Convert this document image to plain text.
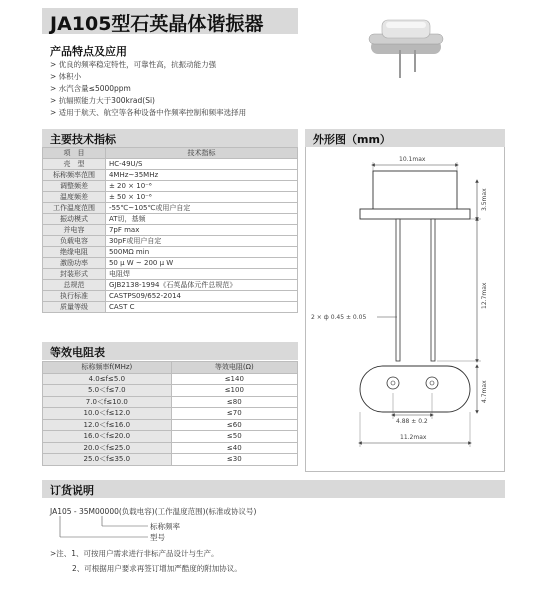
JA105型石英晶体谐振器
产品特点及应用
> 优良的频率稳定特性，可靠性高，抗振动能力强
> 体积小
> 水汽含量≤5000ppm
> 抗辐照能力大于300krad(Si)
> 适用于航天、航空等各种设备中作频率控制和频率选择用
主要技术指标
项　目	技术指标
壳　型	HC-49U/S
标称频率范围	4MHz~35MHz
调整频差	± 20 × 10⁻⁶
温度频差	± 50 × 10⁻⁶
工作温度范围	-55℃~105℃或用户自定
振动模式	AT切，基频
并电容	7pF max
负载电容	30pF或用户自定
绝缘电阻	500MΩ min
激励功率	50 μ W ~ 200 μ W
封装形式	电阻焊
总规范	GJB2138-1994《石英晶体元件总规范》
执行标准	CASTPS09/652-2014
质量等级	CAST C
等效电阻表
标称频率f(MHz)	等效电阻(Ω)
4.0≤f≤5.0	≤140
5.0＜f≤7.0	≤100
7.0＜f≤10.0	≤80
10.0＜f≤12.0	≤70
12.0＜f≤16.0	≤60
16.0＜f≤20.0	≤50
20.0＜f≤25.0	≤40
25.0＜f≤35.0	≤30
外形图（mm）
10.1max
3.5max
12.7max
2 × ф 0.45 ± 0.05
4.7max
4.88 ± 0.2
11.2max
订货说明
JA105 - 35M00000(负载电容)(工作温度范围)(标准或协议号)
标称频率
型号
>注、1、可按用户需求进行非标产品设计与生产。
2、可根据用户要求再签订增加严酷度的附加协议。
